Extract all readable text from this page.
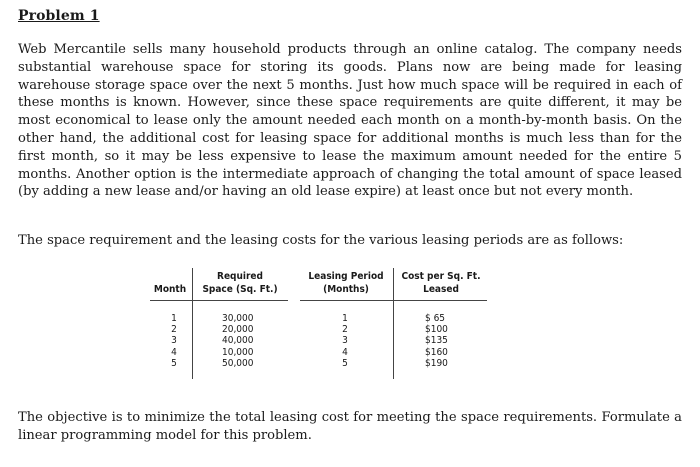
Problem 1

Web Mercantile sells many household products through an online catalog. The company needs substantial warehouse space for storing its goods. Plans now are being made for leasing warehouse storage space over the next 5 months. Just how much space will be required in each of these months is known. However, since these space requirements are quite different, it may be most economical to lease only the amount needed each month on a month-by-month basis. On the other hand, the additional cost for leasing space for additional months is much less than for the first month, so it may be less expensive to lease the maximum amount needed for the entire 5 months. Another option is the intermediate approach of changing the total amount of space leased (by adding a new lease and/or having an old lease expire) at least once but not every month.

The space requirement and the leasing costs for the various leasing periods are as follows:

Month
Required
Space (Sq. Ft.)
Leasing Period
(Months)
Cost per Sq. Ft.
Leased
1
2
3
4
5
30,000
20,000
40,000
10,000
50,000
1
2
3
4
5
$ 65
$100
$135
$160
$190

The objective is to minimize the total leasing cost for meeting the space requirements. Formulate a linear programming model for this problem.
